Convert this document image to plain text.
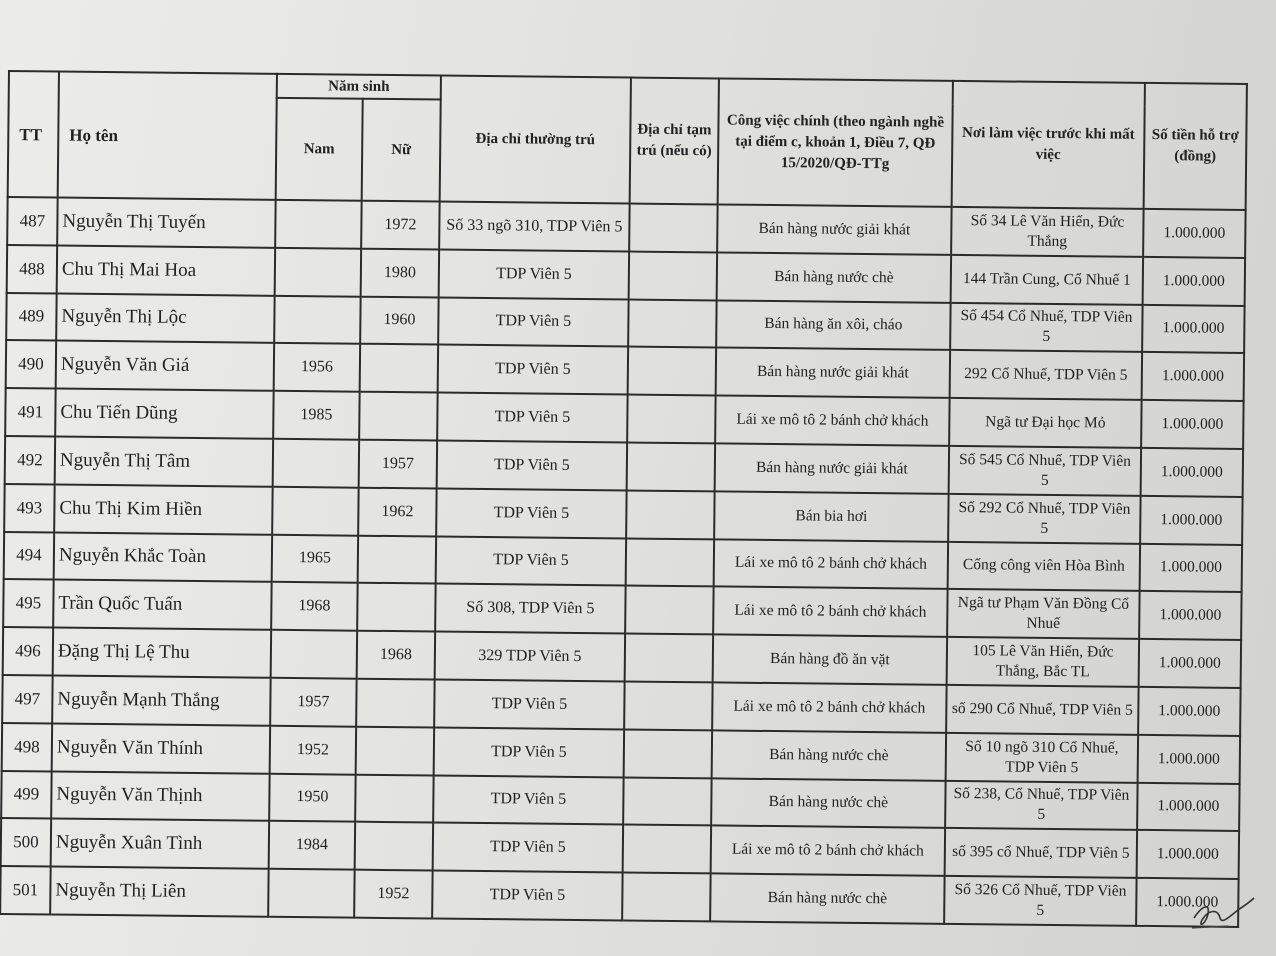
TT	Họ tên	Năm sinh		Địa chỉ thường trú	Địa chỉ tạm trú (nếu có)	Công việc chính (theo ngành nghề tại điểm c, khoản 1, Điều 7, QĐ 15/2020/QĐ-TTg	Nơi làm việc trước khi mất việc	Số tiền hỗ trợ (đồng)
		Nam	Nữ					
487	Nguyễn Thị Tuyến		1972	Số 33 ngõ 310, TDP Viên 5		Bán hàng nước giải khát	Số 34 Lê Văn Hiến, Đức Thắng	1.000.000
488	Chu Thị Mai Hoa		1980	TDP Viên 5		Bán hàng nước chè	144 Trần Cung, Cổ Nhuế 1	1.000.000
489	Nguyễn Thị Lộc		1960	TDP Viên 5		Bán hàng ăn xôi, cháo	Số 454 Cổ Nhuế, TDP Viên 5	1.000.000
490	Nguyễn Văn Giá	1956		TDP Viên 5		Bán hàng nước giải khát	292 Cổ Nhuế, TDP Viên 5	1.000.000
491	Chu Tiến Dũng	1985		TDP Viên 5		Lái xe mô tô 2 bánh chở khách	Ngã tư Đại học Mỏ	1.000.000
492	Nguyễn Thị Tâm		1957	TDP Viên 5		Bán hàng nước giải khát	Số 545 Cổ Nhuế, TDP Viên 5	1.000.000
493	Chu Thị Kim Hiền		1962	TDP Viên 5		Bán bia hơi	Số 292 Cổ Nhuế, TDP Viên 5	1.000.000
494	Nguyễn Khắc Toàn	1965		TDP Viên 5		Lái xe mô tô 2 bánh chở khách	Cổng công viên Hòa Bình	1.000.000
495	Trần Quốc Tuấn	1968		Số 308, TDP Viên 5		Lái xe mô tô 2 bánh chở khách	Ngã tư Phạm Văn Đồng Cổ Nhuế	1.000.000
496	Đặng Thị Lệ Thu		1968	329 TDP Viên 5		Bán hàng đồ ăn vặt	105 Lê Văn Hiến, Đức Thắng, Bắc TL	1.000.000
497	Nguyễn Mạnh Thắng	1957		TDP Viên 5		Lái xe mô tô 2 bánh chở khách	số 290 Cổ Nhuế, TDP Viên 5	1.000.000
498	Nguyễn Văn Thính	1952		TDP Viên 5		Bán hàng nước chè	Số 10 ngõ 310 Cổ Nhuế, TDP Viên 5	1.000.000
499	Nguyễn Văn Thịnh	1950		TDP Viên 5		Bán hàng nước chè	Số 238, Cổ Nhuế, TDP Viên 5	1.000.000
500	Nguyễn Xuân Tình	1984		TDP Viên 5		Lái xe mô tô 2 bánh chở khách	số 395 cổ Nhuế, TDP Viên 5	1.000.000
501	Nguyễn Thị Liên		1952	TDP Viên 5		Bán hàng nước chè	Số 326 Cổ Nhuế, TDP Viên 5	1.000.000
